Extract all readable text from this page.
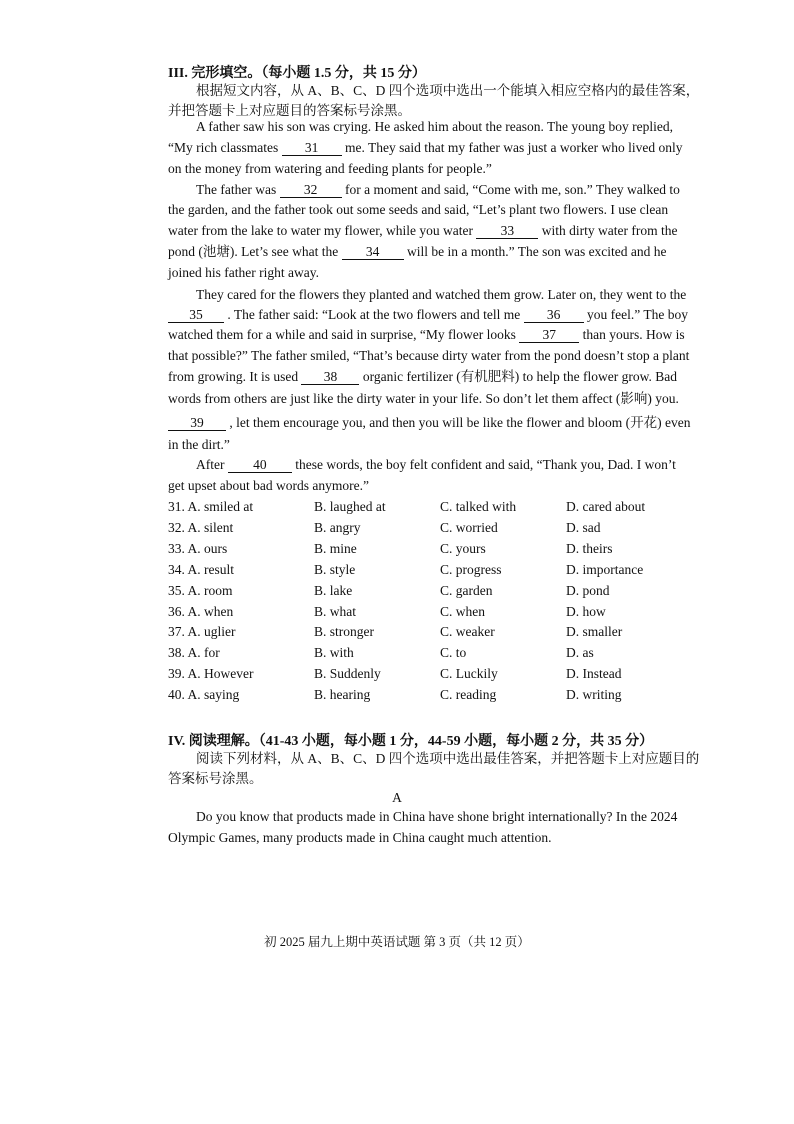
III. 完形填空。（每小题 1.5 分，共 15 分）
根据短文内容，从 A、B、C、D 四个选项中选出一个能填入相应空格内的最佳答案，
并把答题卡上对应题目的答案标号涂黑。
A father saw his son was crying. He asked him about the reason. The young boy replied,
“My rich classmates 31 me. They said that my father was just a worker who lived only
on the money from watering and feeding plants for people.”
The father was 32 for a moment and said, “Come with me, son.” They walked to
the garden, and the father took out some seeds and said, “Let’s plant two flowers. I use clean
water from the lake to water my flower, while you water 33 with dirty water from the
pond (池塘). Let’s see what the 34 will be in a month.” The son was excited and he
joined his father right away.
They cared for the flowers they planted and watched them grow. Later on, they went to the
35 . The father said: “Look at the two flowers and tell me 36 you feel.” The boy
watched them for a while and said in surprise, “My flower looks 37 than yours. How is
that possible?” The father smiled, “That’s because dirty water from the pond doesn’t stop a plant
from growing. It is used 38 organic fertilizer (有机肥料) to help the flower grow. Bad
words from others are just like the dirty water in your life. So don’t let them affect (影响) you.
39 , let them encourage you, and then you will be like the flower and bloom (开花) even
in the dirt.”
After 40 these words, the boy felt confident and said, “Thank you, Dad. I won’t
get upset about bad words anymore.”
31. A. smiled at	B. laughed at	C. talked with	D. cared about
32. A. silent	B. angry	C. worried	D. sad
33. A. ours	B. mine	C. yours	D. theirs
34. A. result	B. style	C. progress	D. importance
35. A. room	B. lake	C. garden	D. pond
36. A. when	B. what	C. when	D. how
37. A. uglier	B. stronger	C. weaker	D. smaller
38. A. for	B. with	C. to	D. as
39. A. However	B. Suddenly	C. Luckily	D. Instead
40. A. saying	B. hearing	C. reading	D. writing
IV. 阅读理解。（41-43 小题，每小题 1 分，44-59 小题，每小题 2 分，共 35 分）
阅读下列材料，从 A、B、C、D 四个选项中选出最佳答案，并把答题卡上对应题目的
答案标号涂黑。
A
Do you know that products made in China have shone bright internationally? In the 2024
Olympic Games, many products made in China caught much attention.
初 2025 届九上期中英语试题 第 3 页（共 12 页）
